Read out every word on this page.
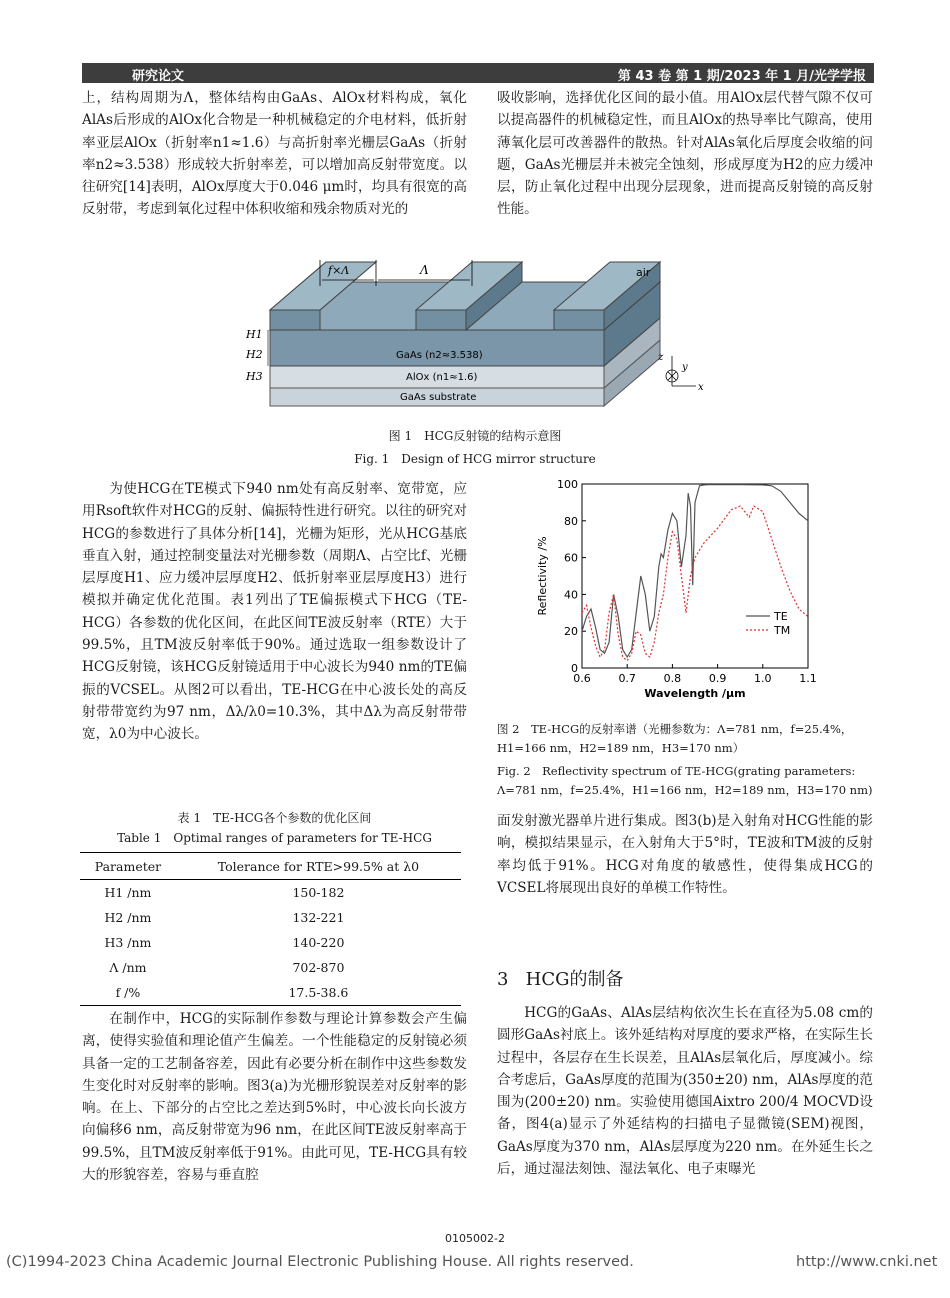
研究论文	第 43 卷 第 1 期/2023 年 1 月/光学学报

上，结构周期为Λ，整体结构由GaAs、AlOx材料构成，氧化AlAs后形成的AlOx化合物是一种机械稳定的介电材料，低折射率亚层AlOx（折射率n1≈1.6）与高折射率光栅层GaAs（折射率n2≈3.538）形成较大折射率差，可以增加高反射带宽度。以往研究[14]表明，AlOx厚度大于0.046 μm时，均具有很宽的高反射带，考虑到氧化过程中体积收缩和残余物质对光的

吸收影响，选择优化区间的最小值。用AlOx层代替气隙不仅可以提高器件的机械稳定性，而且AlOx的热导率比气隙高，使用薄氧化层可改善器件的散热。针对AlAs氧化后厚度会收缩的问题，GaAs光栅层并未被完全蚀刻，形成厚度为H2的应力缓冲层，防止氧化过程中出现分层现象，进而提高反射镜的高反射性能。

f×Λ	Λ	air
H1
H2
H3
GaAs (n2≈3.538)
AlOx (n1≈1.6)
GaAs substrate
z
y
x
图 1　HCG反射镜的结构示意图
Fig. 1　Design of HCG mirror structure

为使HCG在TE模式下940 nm处有高反射率、宽带宽，应用Rsoft软件对HCG的反射、偏振特性进行研究。以往的研究对HCG的参数进行了具体分析[14]，光栅为矩形，光从HCG基底垂直入射，通过控制变量法对光栅参数（周期Λ、占空比f、光栅层厚度H1、应力缓冲层厚度H2、低折射率亚层厚度H3）进行模拟并确定优化范围。表1列出了TE偏振模式下HCG（TE-HCG）各参数的优化区间，在此区间TE波反射率（RTE）大于99.5%，且TM波反射率低于90%。通过选取一组参数设计了HCG反射镜，该HCG反射镜适用于中心波长为940 nm的TE偏振的VCSEL。从图2可以看出，TE-HCG在中心波长处的高反射带带宽约为97 nm，Δλ/λ0=10.3%，其中Δλ为高反射带带宽，λ0为中心波长。

0.6	0.7	0.8	0.9	1.0	1.1
0
20
40
60
80
100
Wavelength /μm
Reflectivity /%
TE
TM
图 2　TE-HCG的反射率谱（光栅参数为：Λ=781 nm，f=25.4%，H1=166 nm，H2=189 nm，H3=170 nm）
Fig. 2　Reflectivity spectrum of TE-HCG(grating parameters: Λ=781 nm，f=25.4%，H1=166 nm，H2=189 nm，H3=170 nm)
表 1　TE-HCG各个参数的优化区间
Table 1　Optimal ranges of parameters for TE-HCG
Parameter	Tolerance for RTE>99.5% at λ0
H1 /nm	150-182
H2 /nm	132-221
H3 /nm	140-220
Λ /nm	702-870
f /%	17.5-38.6

在制作中，HCG的实际制作参数与理论计算参数会产生偏离，使得实验值和理论值产生偏差。一个性能稳定的反射镜必须具备一定的工艺制备容差，因此有必要分析在制作中这些参数发生变化时对反射率的影响。图3(a)为光栅形貌误差对反射率的影响。在上、下部分的占空比之差达到5%时，中心波长向长波方向偏移6 nm，高反射带宽为96 nm，在此区间TE波反射率高于99.5%，且TM波反射率低于91%。由此可见，TE-HCG具有较大的形貌容差，容易与垂直腔

面发射激光器单片进行集成。图3(b)是入射角对HCG性能的影响，模拟结果显示，在入射角大于5°时，TE波和TM波的反射率均低于91%。HCG对角度的敏感性，使得集成HCG的VCSEL将展现出良好的单模工作特性。

3 HCG的制备

HCG的GaAs、AlAs层结构依次生长在直径为5.08 cm的圆形GaAs衬底上。该外延结构对厚度的要求严格，在实际生长过程中，各层存在生长误差，且AlAs层氧化后，厚度减小。综合考虑后，GaAs厚度的范围为(350±20) nm，AlAs厚度的范围为(200±20) nm。实验使用德国Aixtro 200/4 MOCVD设备，图4(a)显示了外延结构的扫描电子显微镜(SEM)视图，GaAs厚度为370 nm，AlAs层厚度为220 nm。在外延生长之后，通过湿法刻蚀、湿法氧化、电子束曝光

0105002-2
(C)1994-2023 China Academic Journal Electronic Publishing House. All rights reserved.	http://www.cnki.net
